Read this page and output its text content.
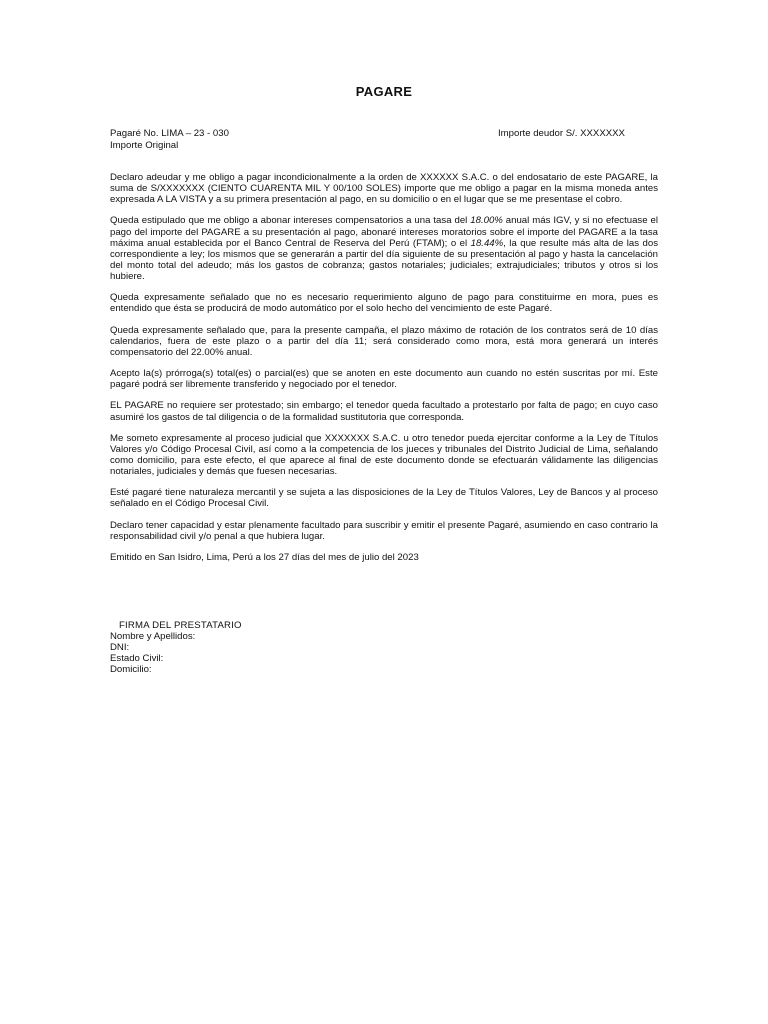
PAGARE
Pagaré No. LIMA – 23 - 030	Importe deudor S/. XXXXXXX
Importe Original

Declaro adeudar y me obligo a pagar incondicionalmente a la orden de XXXXXX S.A.C. o del endosatario de este PAGARE, la suma de S/XXXXXXX (CIENTO CUARENTA MIL Y 00/100 SOLES) importe que me obligo a pagar en la misma moneda antes expresada A LA VISTA y a su primera presentación al pago, en su domicilio o en el lugar que se me presentase el cobro.

Queda estipulado que me obligo a abonar intereses compensatorios a una tasa del 18.00% anual más IGV, y si no efectuase el pago del importe del PAGARE a su presentación al pago, abonaré intereses moratorios sobre el importe del PAGARE a la tasa máxima anual establecida por el Banco Central de Reserva del Perú (FTAM); o el 18.44%, la que resulte más alta de las dos correspondiente a ley; los mismos que se generarán a partir del día siguiente de su presentación al pago y hasta la cancelación del monto total del adeudo; más los gastos de cobranza; gastos notariales; judiciales; extrajudiciales; tributos y otros si los hubiere.

Queda expresamente señalado que no es necesario requerimiento alguno de pago para constituirme en mora, pues es entendido que ésta se producirá de modo automático por el solo hecho del vencimiento de este Pagaré.

Queda expresamente señalado que, para la presente campaña, el plazo máximo de rotación de los contratos será de 10 días calendarios, fuera de este plazo o a partir del día 11; será considerado como mora, está mora generará un interés compensatorio del 22.00% anual.

Acepto la(s) prórroga(s) total(es) o parcial(es) que se anoten en este documento aun cuando no estén suscritas por mí. Este pagaré podrá ser libremente transferido y negociado por el tenedor.

EL PAGARE no requiere ser protestado; sin embargo; el tenedor queda facultado a protestarlo por falta de pago; en cuyo caso asumiré los gastos de tal diligencia o de la formalidad sustitutoria que corresponda.

Me someto expresamente al proceso judicial que XXXXXXX S.A.C. u otro tenedor pueda ejercitar conforme a la Ley de Títulos Valores y/o Código Procesal Civil, así como a la competencia de los jueces y tribunales del Distrito Judicial de Lima, señalando como domicilio, para este efecto, el que aparece al final de este documento donde se efectuarán válidamente las diligencias notariales, judiciales y demás que fuesen necesarias.

Esté pagaré tiene naturaleza mercantil y se sujeta a las disposiciones de la Ley de Títulos Valores, Ley de Bancos y al proceso señalado en el Código Procesal Civil.

Declaro tener capacidad y estar plenamente facultado para suscribir y emitir el presente Pagaré, asumiendo en caso contrario la responsabilidad civil y/o penal a que hubiera lugar.

Emitido en San Isidro, Lima, Perú a los 27 días del mes de julio del 2023

FIRMA DEL PRESTATARIO
Nombre y Apellidos:
DNI:
Estado Civil:
Domicilio:
